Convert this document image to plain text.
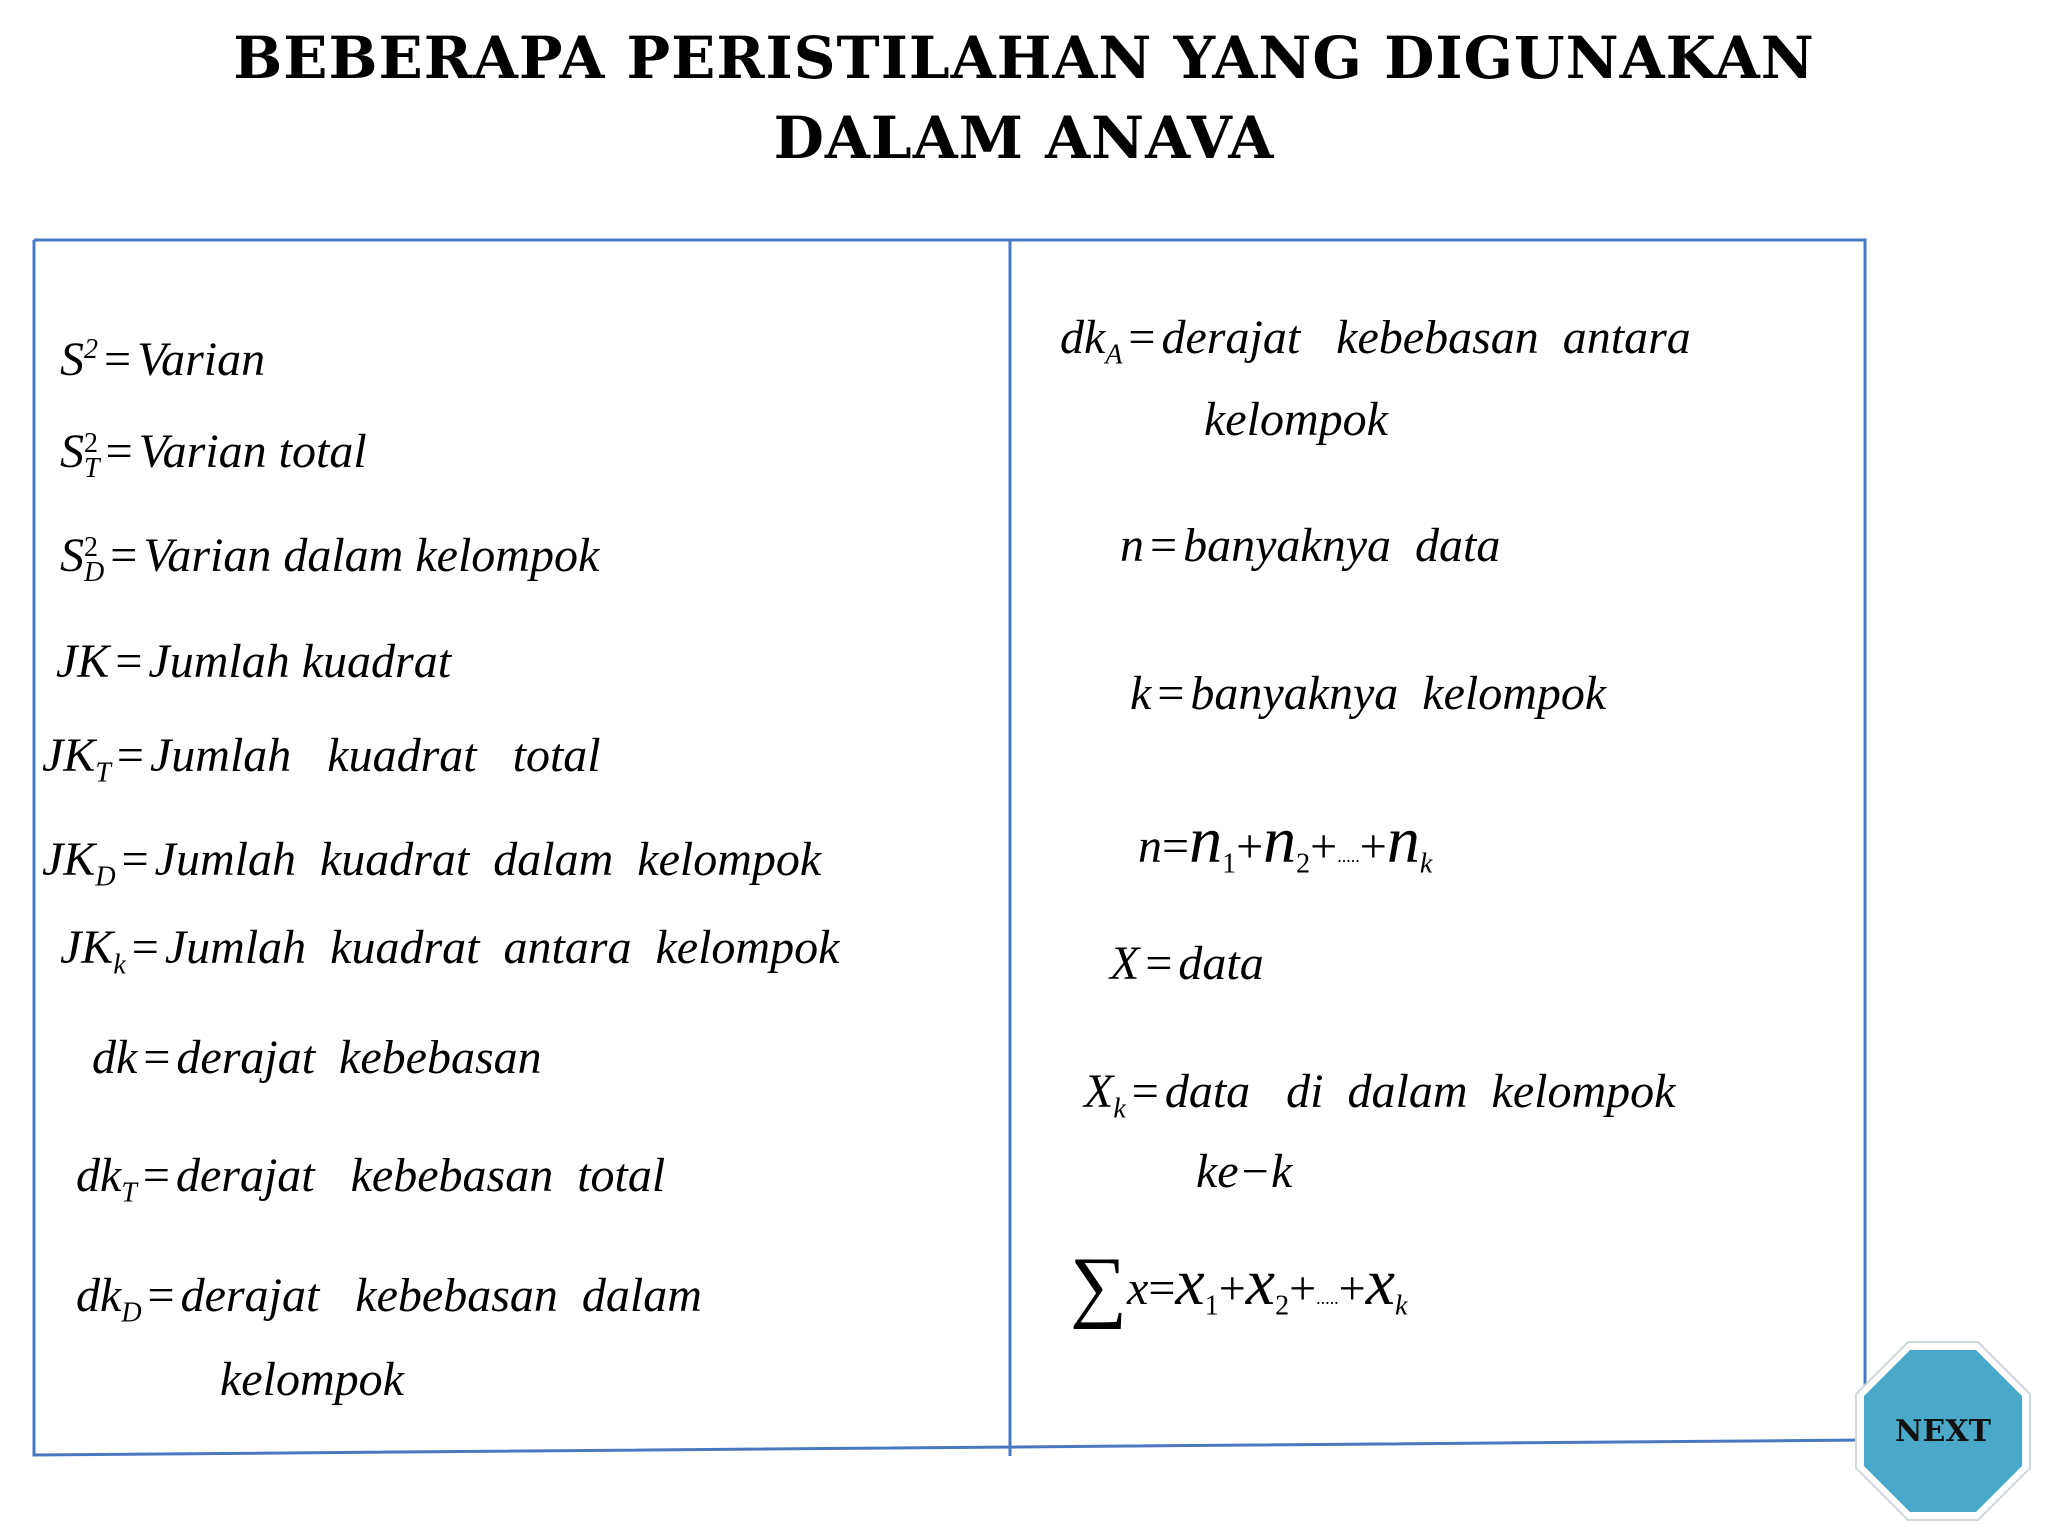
BEBERAPA PERISTILAHAN YANG DIGUNAKAN
DALAM ANAVA
$S^2$ = Varian
S 2
T = Varian total
S 2
D = Varian dalam kelompok
JK = Jumlah kuadrat
$JK_T$ = Jumlah   kuadrat   total
$JK_D$ = Jumlah  kuadrat  dalam  kelompok
$JK_k$ = Jumlah  kuadrat  antara  kelompok
dk = derajat  kebebasan
$dk_T$ = derajat   kebebasan  total
$dk_D$ = derajat   kebebasan  dalam
kelompok
$dk_A$ = derajat   kebebasan  antara
kelompok
n = banyaknya  data
k = banyaknya  kelompok
$n=n_1+n_2+.....+n_k$
X = data
$X_k$ = data   di  dalam  kelompok
ke−k
$\sum x=x_1+x_2+.....+x_k$
NEXT
